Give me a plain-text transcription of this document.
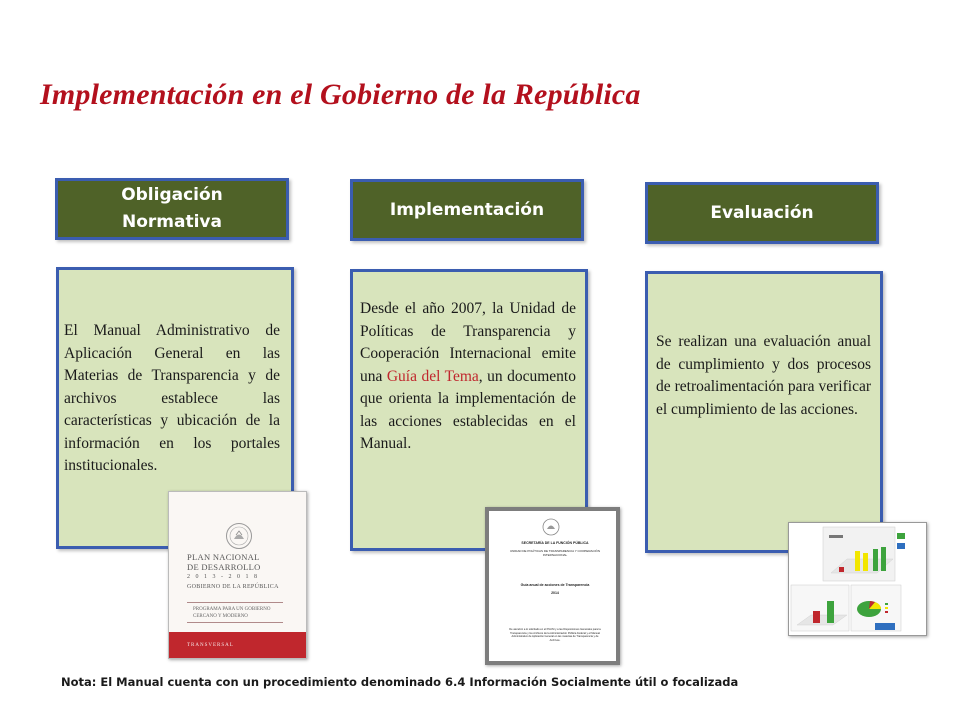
Implementación en el Gobierno de la República
Obligación
Normativa
El Manual Administrativo de Aplicación General en las Materias de Transparencia y de archivos establece las características y ubicación de la información en los portales institucionales.
Implementación
Desde el año 2007, la Unidad de Políticas de Transparencia y Cooperación Internacional emite una Guía del Tema, un documento que orienta la implementación de las acciones establecidas en el Manual.
Evaluación
Se realizan una evaluación anual de cumplimiento y dos procesos de retroalimentación para verificar el cumplimiento de las acciones.
PLAN NACIONAL
DE DESARROLLO
2 0 1 3 - 2 0 1 8
GOBIERNO DE LA REPÚBLICA
PROGRAMA PARA UN GOBIERNO
CERCANO Y MODERNO
TRANSVERSAL
SECRETARÍA DE LA FUNCIÓN PÚBLICA
UNIDAD DE POLÍTICAS DE TRANSPARENCIA Y COOPERACIÓN INTERNACIONAL
Guía anual de acciones de Transparencia
2014
De atención a lo solicitado en el PGCM y a las Disposiciones Generales para la Transparencia y los Archivos de la Administración Pública Federal y el Manual Administrativo de Aplicación General en las materias de Transparencia y de Archivos.
Nota: El Manual cuenta con un procedimiento denominado 6.4 Información Socialmente útil o focalizada
